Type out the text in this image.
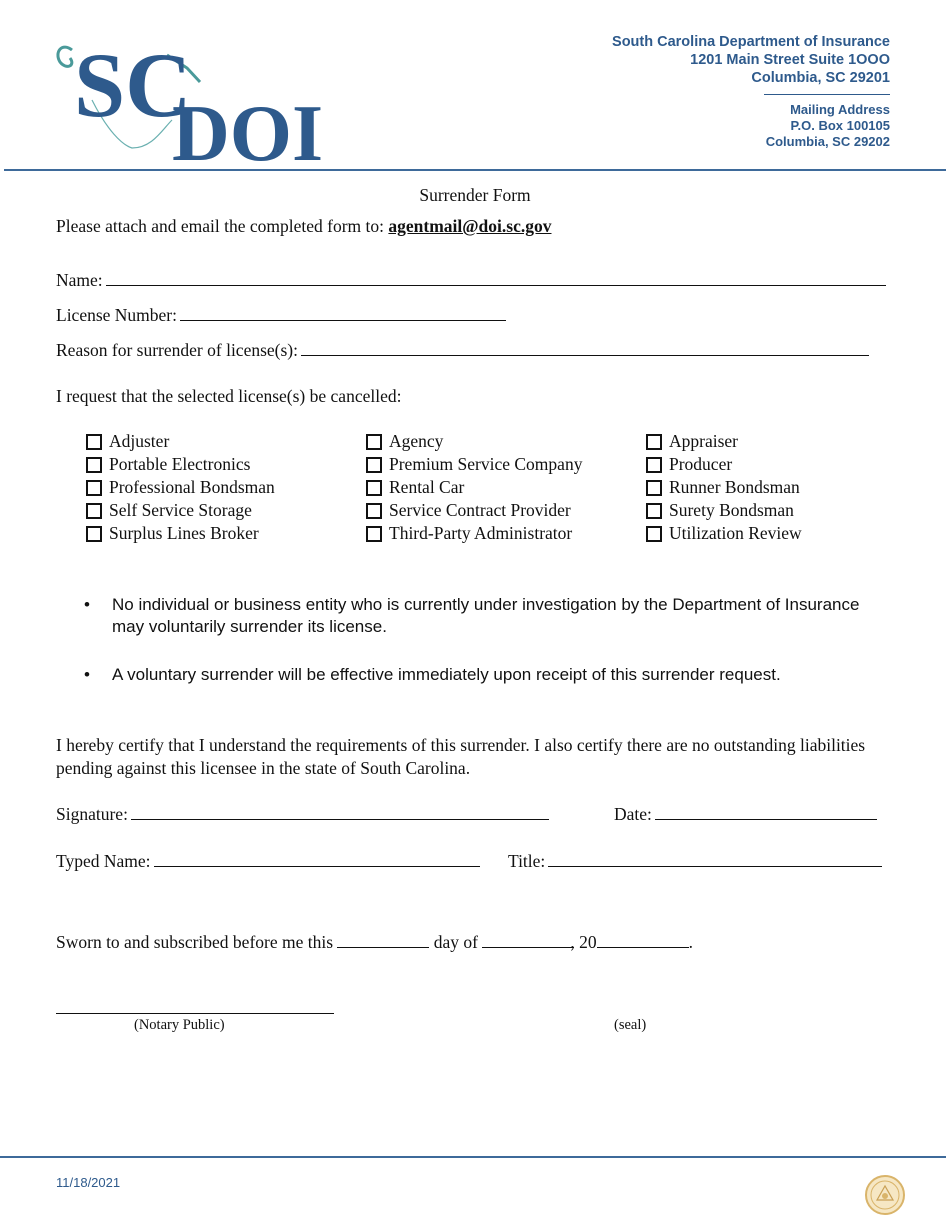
SC
DOI
South Carolina Department of Insurance
1201 Main Street Suite 1OOO
Columbia, SC 29201
Mailing Address
P.O. Box 100105
Columbia, SC 29202
Surrender Form
Please attach and email the completed form to: agentmail@doi.sc.gov
Name:
License Number:
Reason for surrender of license(s):
I request that the selected license(s) be cancelled:
Adjuster
Portable Electronics
Professional Bondsman
Self Service Storage
Surplus Lines Broker
Agency
Premium Service Company
Rental Car
Service Contract Provider
Third-Party Administrator
Appraiser
Producer
Runner Bondsman
Surety Bondsman
Utilization Review
• No individual or business entity who is currently under investigation by the Department of Insurance may voluntarily surrender its license.
• A voluntary surrender will be effective immediately upon receipt of this surrender request.
I hereby certify that I understand the requirements of this surrender. I also certify there are no outstanding liabilities pending against this licensee in the state of South Carolina.
Signature:	Date:
Typed Name:	Title:
Sworn to and subscribed before me this	day of	, 20	.
(Notary Public)	(seal)
11/18/2021
